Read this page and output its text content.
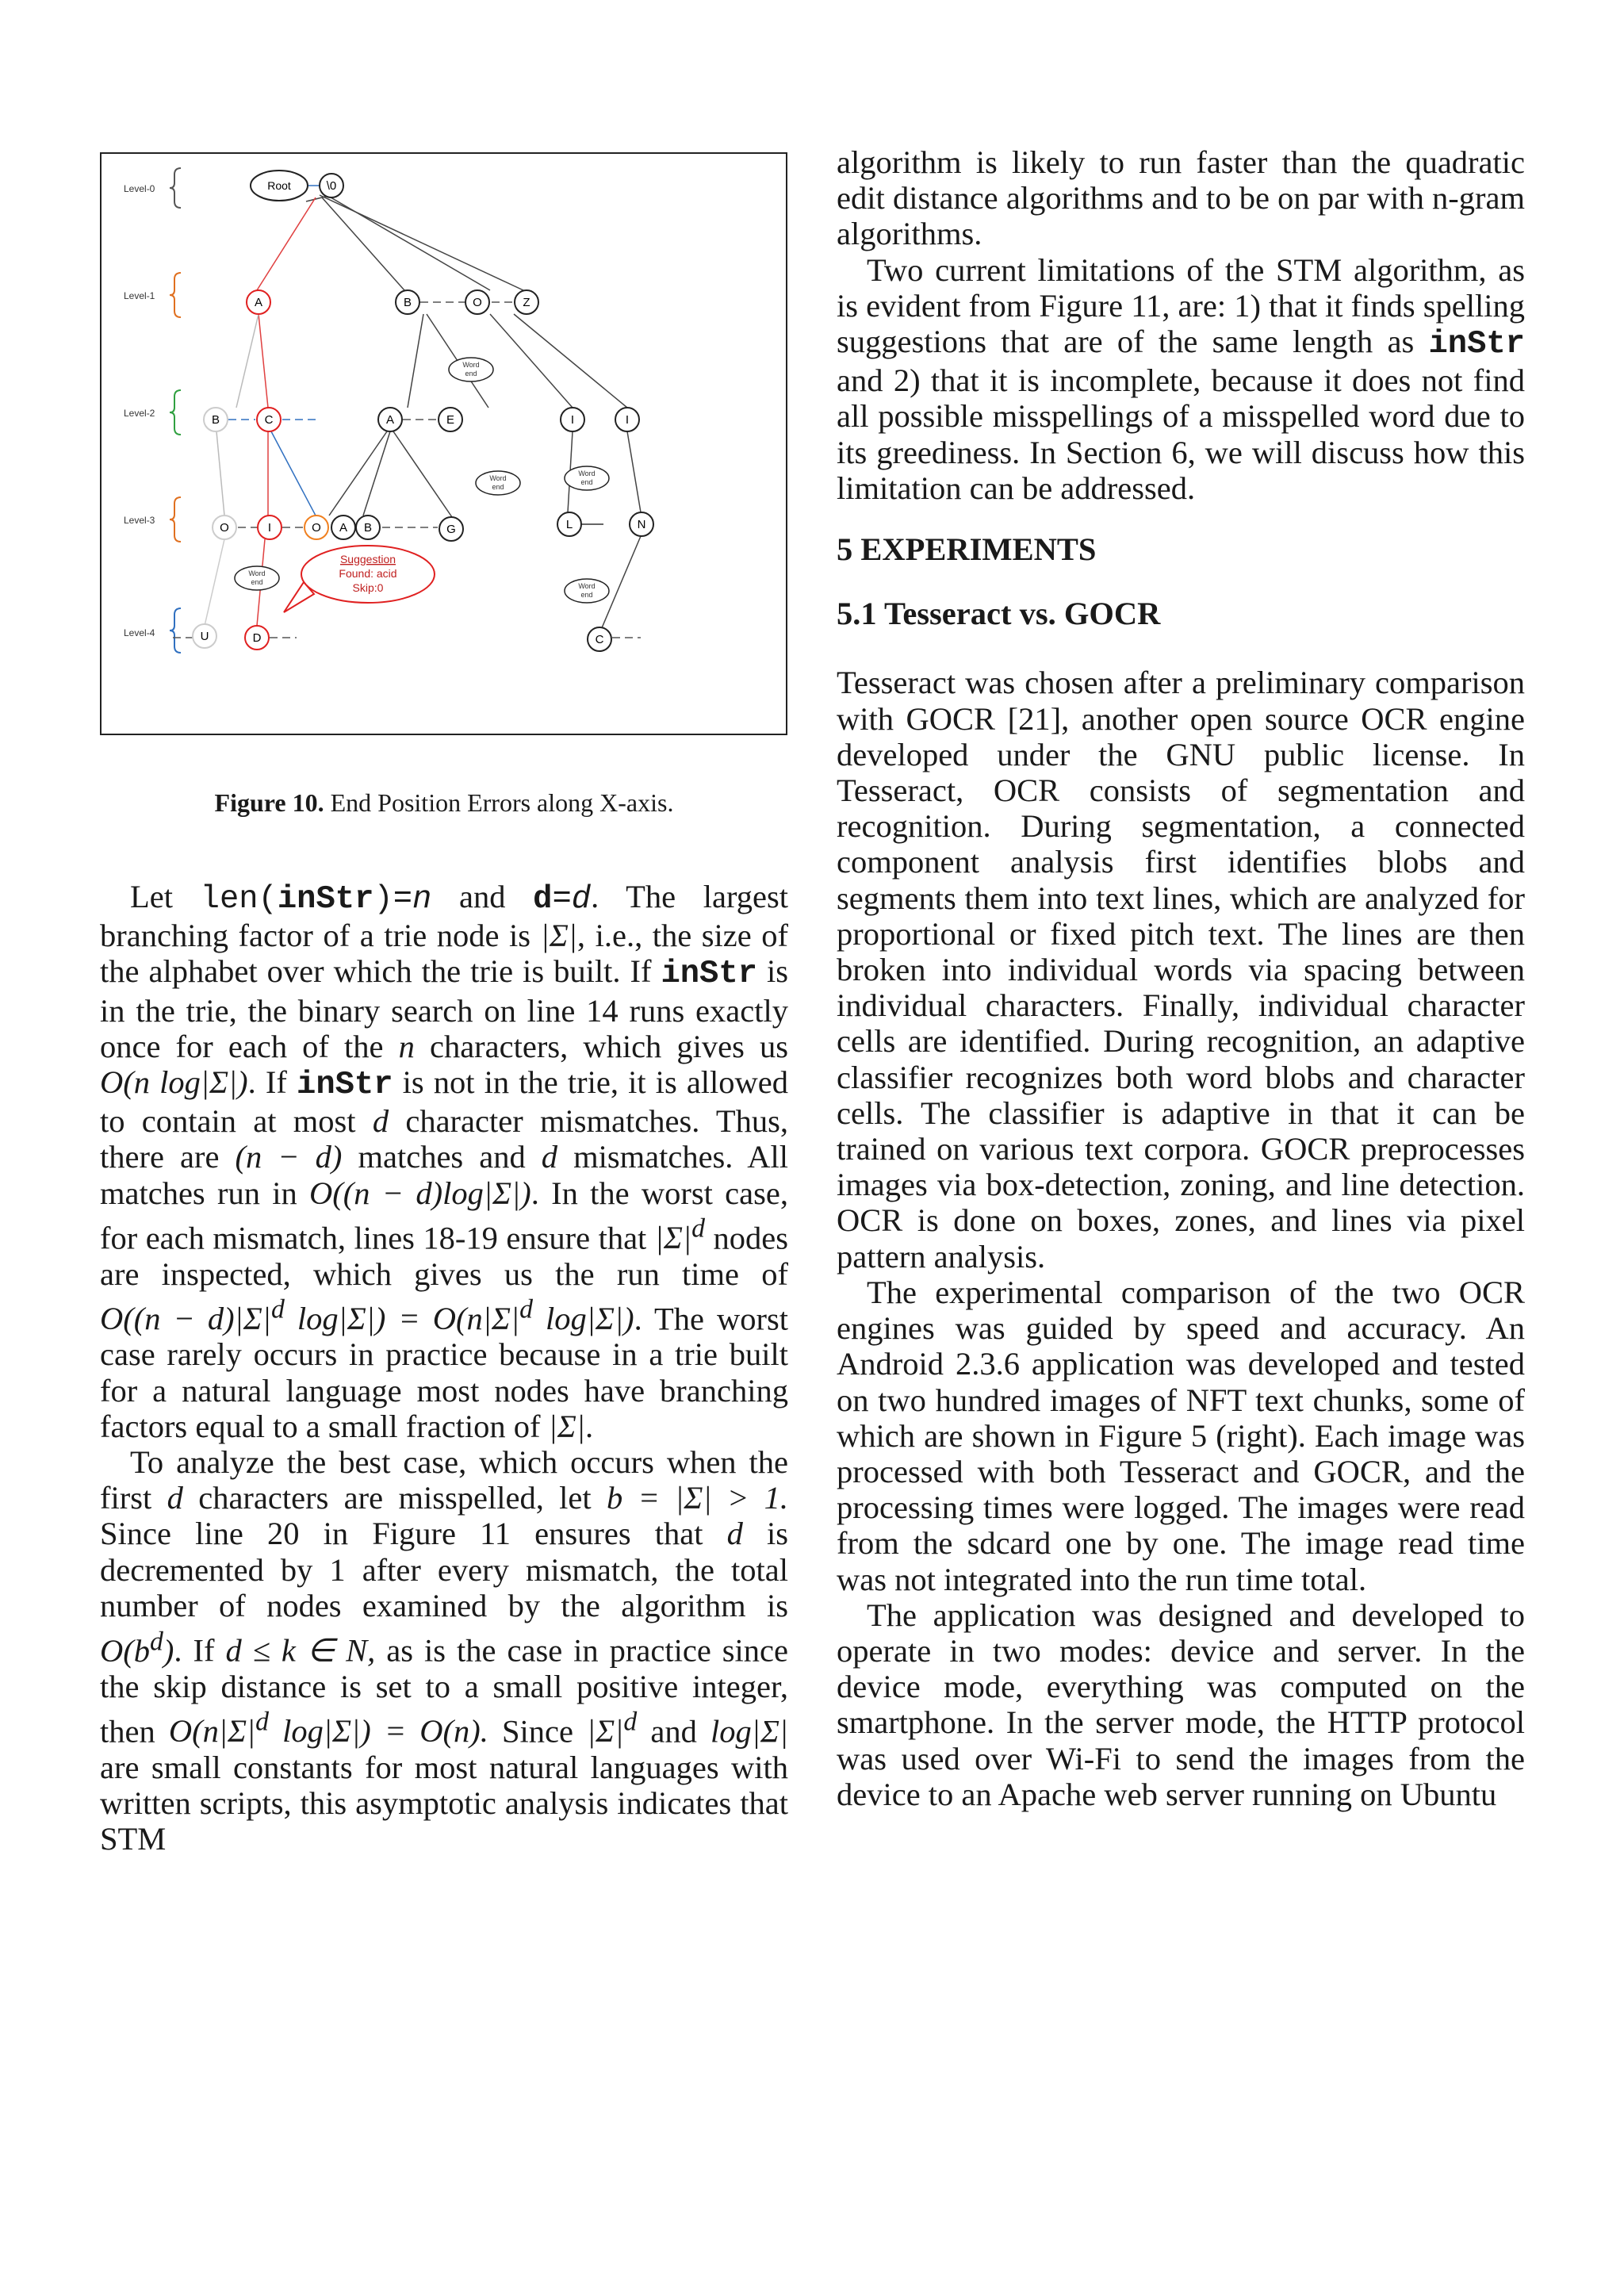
Level-0
Level-1
Level-2
Level-3
Level-4
Root	\0
A	B	O	Z
B	C	A	E	I	I
O	I	O A B	G	L	N
U	D	C
Word
end
Word
end
Word
end
Word
end	Word
end
Suggestion
Found: acid
Skip:0
Figure 10. End Position Errors along X-axis.

Let len(inStr)=n and d=d. The largest branching factor of a trie node is |Σ|, i.e., the size of the alphabet over which the trie is built. If inStr is in the trie, the binary search on line 14 runs exactly once for each of the n characters, which gives us O(n log|Σ|). If inStr is not in the trie, it is allowed to contain at most d character mismatches. Thus, there are (n − d) matches and d mismatches. All matches run in O((n − d)log|Σ|). In the worst case, for each mismatch, lines 18-19 ensure that $|\Sigma|^d$ nodes are inspected, which gives us the run time of $O((n - d)|\Sigma|^d$ $\log|\Sigma|) = O(n|\Sigma|^d$ log|Σ|). The worst case rarely occurs in practice because in a trie built for a natural language most nodes have branching factors equal to a small fraction of |Σ|.

To analyze the best case, which occurs when the first d characters are misspelled, let b = |Σ| > 1. Since line 20 in Figure 11 ensures that d is decremented by 1 after every mismatch, the total number of nodes examined by the algorithm is $O(b^d)$. If d ≤ k ∈ N, as is the case in practice since the skip distance is set to a small positive integer, then $O(n|\Sigma|^d$ log|Σ|) = O(n). Since $|\Sigma|^d$ and log|Σ| are small constants for most natural languages with written scripts, this asymptotic analysis indicates that STM

algorithm is likely to run faster than the quadratic edit distance algorithms and to be on par with n-gram algorithms.

Two current limitations of the STM algorithm, as is evident from Figure 11, are: 1) that it finds spelling suggestions that are of the same length as inStr and 2) that it is incomplete, because it does not find all possible misspellings of a misspelled word due to its greediness. In Section 6, we will discuss how this limitation can be addressed.

5 EXPERIMENTS

5.1 Tesseract vs. GOCR

Tesseract was chosen after a preliminary comparison with GOCR [21], another open source OCR engine developed under the GNU public license. In Tesseract, OCR consists of segmentation and recognition. During segmentation, a connected component analysis first identifies blobs and segments them into text lines, which are analyzed for proportional or fixed pitch text. The lines are then broken into individual words via spacing between individual characters. Finally, individual character cells are identified. During recognition, an adaptive classifier recognizes both word blobs and character cells. The classifier is adaptive in that it can be trained on various text corpora. GOCR preprocesses images via box-detection, zoning, and line detection. OCR is done on boxes, zones, and lines via pixel pattern analysis.

The experimental comparison of the two OCR engines was guided by speed and accuracy. An Android 2.3.6 application was developed and tested on two hundred images of NFT text chunks, some of which are shown in Figure 5 (right). Each image was processed with both Tesseract and GOCR, and the processing times were logged. The images were read from the sdcard one by one. The image read time was not integrated into the run time total.

The application was designed and developed to operate in two modes: device and server. In the device mode, everything was computed on the smartphone. In the server mode, the HTTP protocol was used over Wi-Fi to send the images from the device to an Apache web server running on Ubuntu
